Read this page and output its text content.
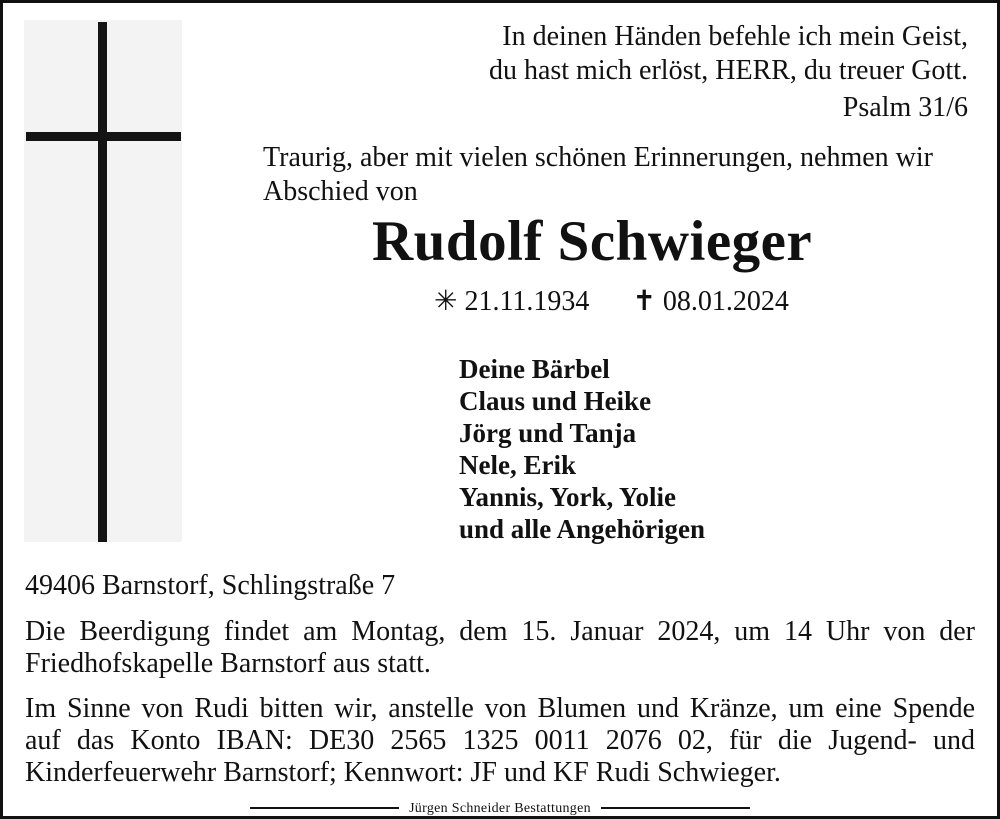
In deinen Händen befehle ich mein Geist,
du hast mich erlöst, HERR, du treuer Gott.
Psalm 31/6
Traurig, aber mit vielen schönen Erinnerungen, nehmen wir
Abschied von
Rudolf Schwieger
✳ 21.11.1934 ✝ 08.01.2024
Deine Bärbel
Claus und Heike
Jörg und Tanja
Nele, Erik
Yannis, York, Yolie
und alle Angehörigen
49406 Barnstorf, Schlingstraße 7
Die Beerdigung findet am Montag, dem 15. Januar 2024, um 14 Uhr von der
Friedhofskapelle Barnstorf aus statt.
Im Sinne von Rudi bitten wir, anstelle von Blumen und Kränze, um eine Spende
auf das Konto IBAN: DE30 2565 1325 0011 2076 02, für die Jugend- und
Kinderfeuerwehr Barnstorf; Kennwort: JF und KF Rudi Schwieger.
Jürgen Schneider Bestattungen
